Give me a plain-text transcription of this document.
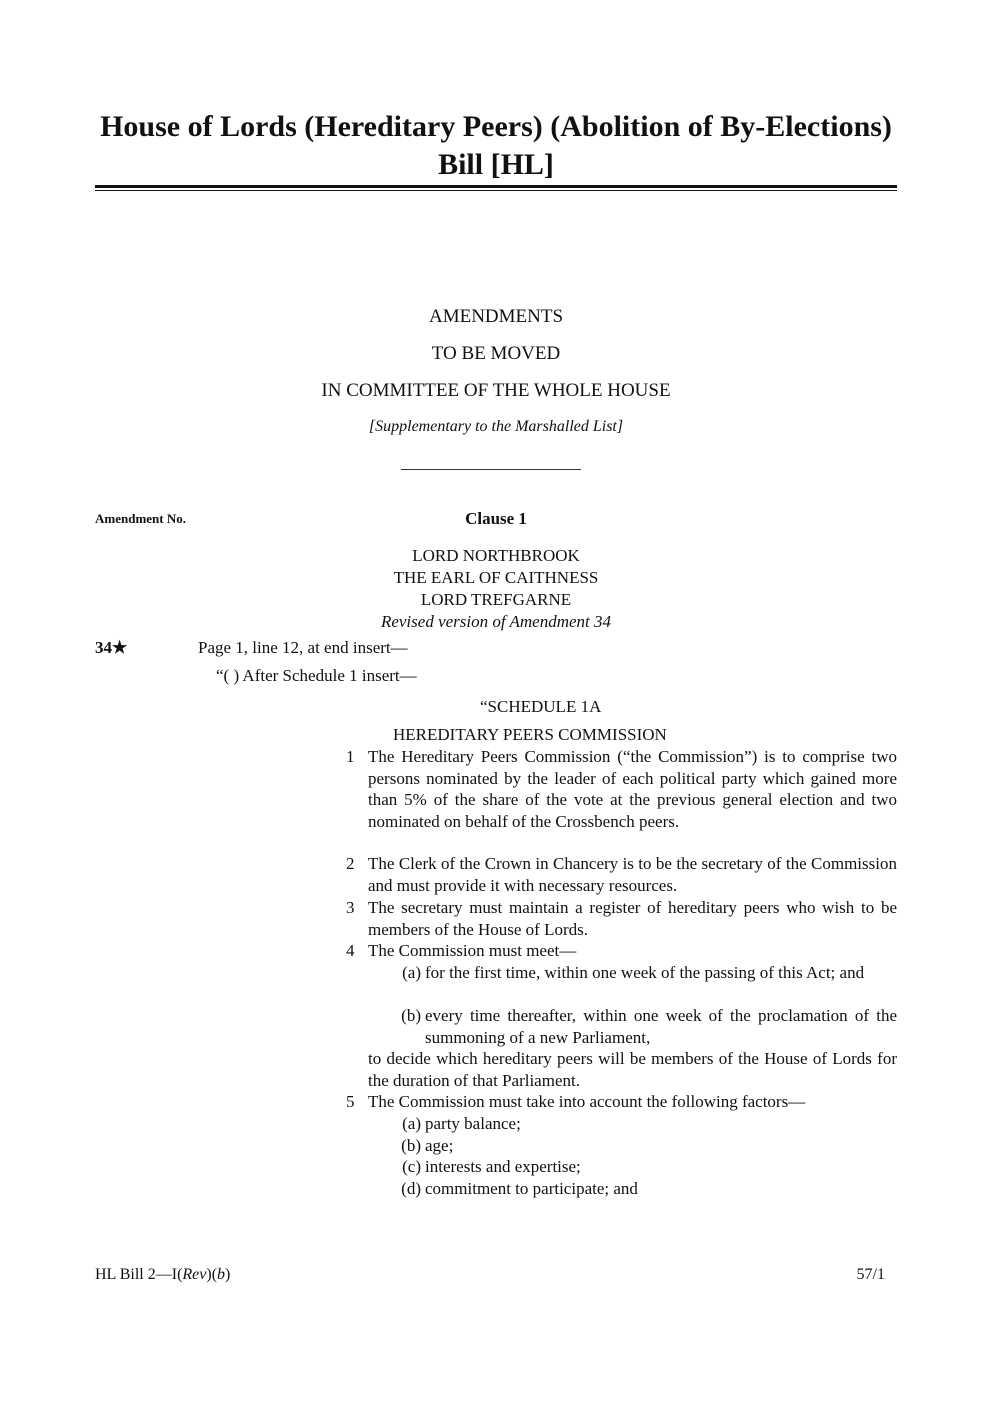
House of Lords (Hereditary Peers) (Abolition of By-Elections) Bill [HL]
AMENDMENTS
TO BE MOVED
IN COMMITTEE OF THE WHOLE HOUSE
[Supplementary to the Marshalled List]
Amendment No.	Clause 1
LORD NORTHBROOK
THE EARL OF CAITHNESS
LORD TREFGARNE
Revised version of Amendment 34
34★	Page 1, line 12, at end insert—
“( ) After Schedule 1 insert—
“SCHEDULE 1A
HEREDITARY PEERS COMMISSION
1 The Hereditary Peers Commission (“the Commission”) is to comprise two persons nominated by the leader of each political party which gained more than 5% of the share of the vote at the previous general election and two nominated on behalf of the Crossbench peers.
2 The Clerk of the Crown in Chancery is to be the secretary of the Commission and must provide it with necessary resources.
3 The secretary must maintain a register of hereditary peers who wish to be members of the House of Lords.
4 The Commission must meet—
(a) for the first time, within one week of the passing of this Act; and
(b) every time thereafter, within one week of the proclamation of the summoning of a new Parliament,
to decide which hereditary peers will be members of the House of Lords for the duration of that Parliament.
5 The Commission must take into account the following factors—
(a) party balance;
(b) age;
(c) interests and expertise;
(d) commitment to participate; and
HL Bill 2—I(Rev)(b)	57/1
